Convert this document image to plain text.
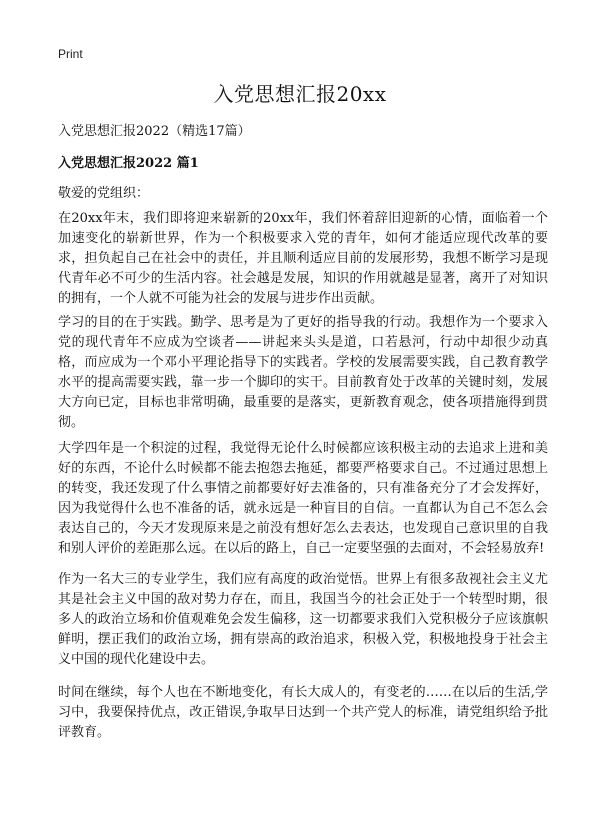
Print
入党思想汇报20xx
入党思想汇报2022（精选17篇）
入党思想汇报2022 篇1
敬爱的党组织：

在20xx年末，我们即将迎来崭新的20xx年，我们怀着辞旧迎新的心情，面临着一个加速变化的崭新世界，作为一个积极要求入党的青年，如何才能适应现代改革的要求，担负起自己在社会中的责任，并且顺利适应目前的发展形势，我想不断学习是现代青年必不可少的生活内容。社会越是发展，知识的作用就越是显著，离开了对知识的拥有，一个人就不可能为社会的发展与进步作出贡献。

学习的目的在于实践。勤学、思考是为了更好的指导我的行动。我想作为一个要求入党的现代青年不应成为空谈者——讲起来头头是道，口若悬河，行动中却很少动真格，而应成为一个邓小平理论指导下的实践者。学校的发展需要实践，自己教育教学水平的提高需要实践，靠一步一个脚印的实干。目前教育处于改革的关键时刻，发展大方向已定，目标也非常明确，最重要的是落实，更新教育观念，使各项措施得到贯彻。

大学四年是一个积淀的过程，我觉得无论什么时候都应该积极主动的去追求上进和美好的东西，不论什么时候都不能去抱怨去拖延，都要严格要求自己。不过通过思想上的转变，我还发现了什么事情之前都要好好去准备的，只有准备充分了才会发挥好，因为我觉得什么也不准备的话，就永远是一种盲目的自信。一直都认为自己不怎么会表达自己的，今天才发现原来是之前没有想好怎么去表达，也发现自己意识里的自我和别人评价的差距那么远。在以后的路上，自己一定要坚强的去面对，不会轻易放弃!

作为一名大三的专业学生，我们应有高度的政治觉悟。世界上有很多敌视社会主义尤其是社会主义中国的敌对势力存在，而且，我国当今的社会正处于一个转型时期，很多人的政治立场和价值观难免会发生偏移，这一切都要求我们入党积极分子应该旗帜鲜明，摆正我们的政治立场，拥有崇高的政治追求，积极入党，积极地投身于社会主义中国的现代化建设中去。

时间在继续，每个人也在不断地变化，有长大成人的，有变老的……在以后的生活,学习中，我要保持优点，改正错误,争取早日达到一个共产党人的标准，请党组织给予批评教育。
